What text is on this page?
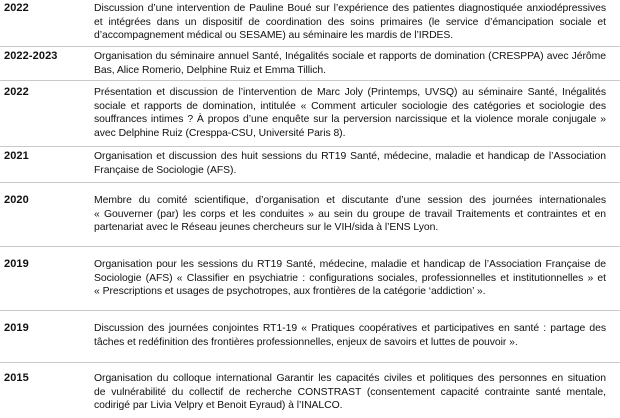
2022	Discussion d’une intervention de Pauline Boué sur l’expérience des patientes diagnostiquée anxiodépressives
et intégrées dans un dispositif de coordination des soins primaires (le service d’émancipation sociale et
d’accompagnement médical ou SESAME) au séminaire les mardis de l’IRDES.
2022-2023	Organisation du séminaire annuel Santé, Inégalités sociale et rapports de domination (CRESPPA) avec Jérôme
Bas, Alice Romerio, Delphine Ruiz et Emma Tillich.
2022	Présentation et discussion de l’intervention de Marc Joly (Printemps, UVSQ) au séminaire Santé, Inégalités
sociale et rapports de domination, intitulée « Comment articuler sociologie des catégories et sociologie des
souffrances intimes ? À propos d’une enquête sur la perversion narcissique et la violence morale conjugale »
avec Delphine Ruiz (Cresppa-CSU, Université Paris 8).
2021	Organisation et discussion des huit sessions du RT19 Santé, médecine, maladie et handicap de l’Association
Française de Sociologie (AFS).
2020	Membre du comité scientifique, d’organisation et discutante d’une session des journées internationales
« Gouverner (par) les corps et les conduites » au sein du groupe de travail Traitements et contraintes et en
partenariat avec le Réseau jeunes chercheurs sur le VIH/sida à l’ENS Lyon.
2019	Organisation pour les sessions du RT19 Santé, médecine, maladie et handicap de l’Association Française de
Sociologie (AFS) « Classifier en psychiatrie : configurations sociales, professionnelles et institutionnelles » et
« Prescriptions et usages de psychotropes, aux frontières de la catégorie ‘addiction’ ».
2019	Discussion des journées conjointes RT1-19 « Pratiques coopératives et participatives en santé : partage des
tâches et redéfinition des frontières professionnelles, enjeux de savoirs et luttes de pouvoir ».
2015	Organisation du colloque international Garantir les capacités civiles et politiques des personnes en situation
de vulnérabilité du collectif de recherche CONSTRAST (consentement capacité contrainte santé mentale,
codirigé par Livia Velpry et Benoit Eyraud) à l’INALCO.
